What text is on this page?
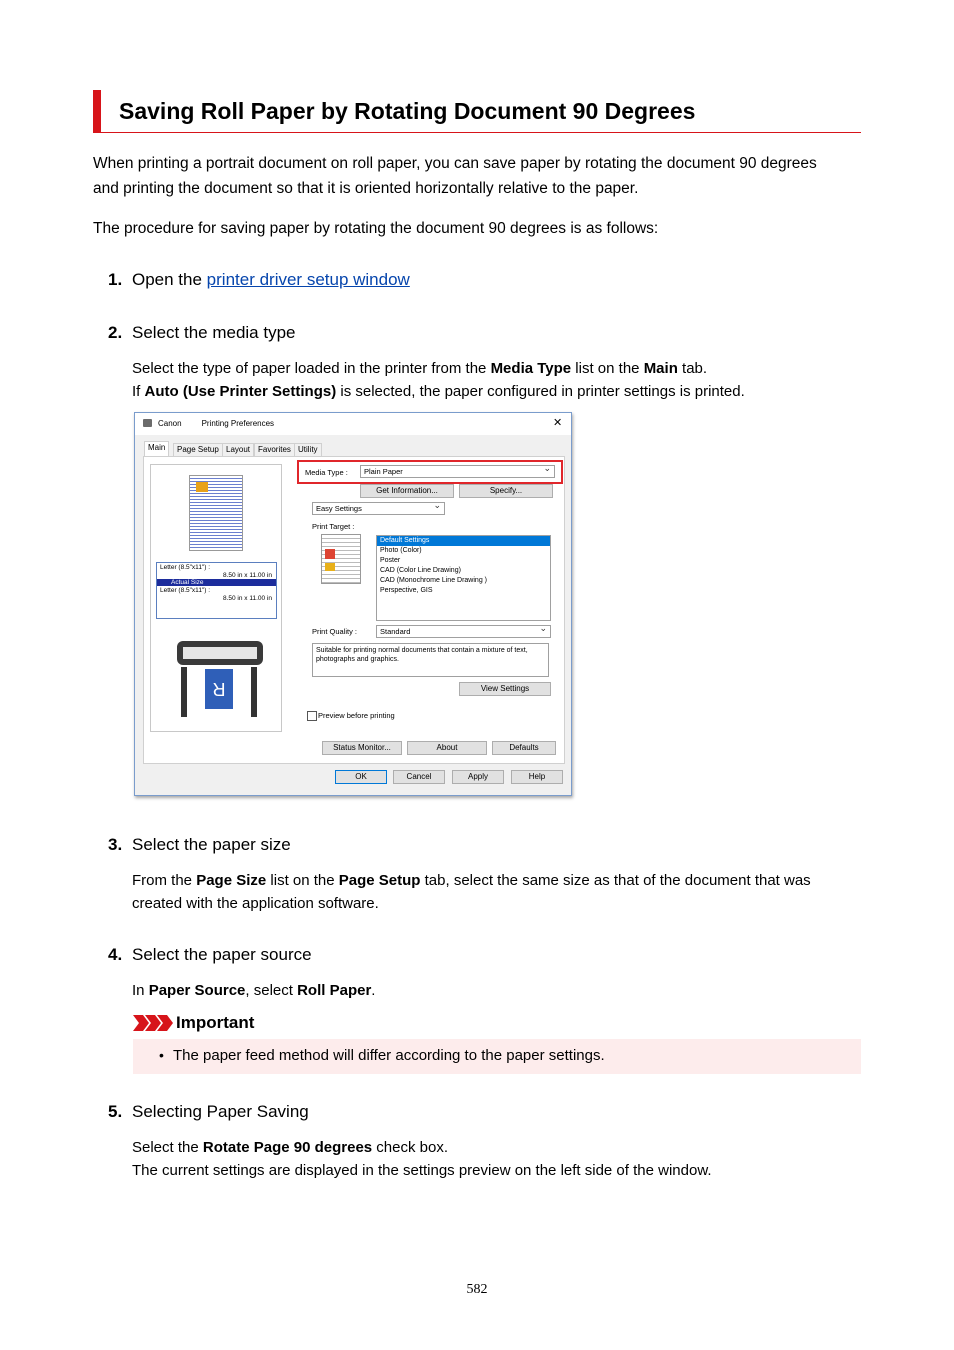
Saving Roll Paper by Rotating Document 90 Degrees
When printing a portrait document on roll paper, you can save paper by rotating the document 90 degrees
and printing the document so that it is oriented horizontally relative to the paper.
The procedure for saving paper by rotating the document 90 degrees is as follows:
1. Open the printer driver setup window
2. Select the media type
Select the type of paper loaded in the printer from the Media Type list on the Main tab.
If Auto (Use Printer Settings) is selected, the paper configured in printer settings is printed.
Canon         Printing Preferences	✕
Main	Page Setup Layout Favorites Utility
Letter (8.5"x11") :
8.50 in x 11.00 in
Actual Size
Letter (8.5"x11") :
8.50 in x 11.00 in
R
Media Type :	Plain Paper ⌄
Get Information...	Specify...
Easy Settings ⌄
Print Target :
Default Settings
Photo (Color)
Poster
CAD (Color Line Drawing)
CAD (Monochrome Line Drawing )
Perspective, GIS
Print Quality :	Standard ⌄
Suitable for printing normal documents that contain a mixture of text, photographs and graphics.
View Settings
Preview before printing
Status Monitor...	About	Defaults
OK	Cancel	Apply	Help
3. Select the paper size
From the Page Size list on the Page Setup tab, select the same size as that of the document that was
created with the application software.
4. Select the paper source
In Paper Source, select Roll Paper.
Important
• The paper feed method will differ according to the paper settings.
5. Selecting Paper Saving
Select the Rotate Page 90 degrees check box.
The current settings are displayed in the settings preview on the left side of the window.
582
